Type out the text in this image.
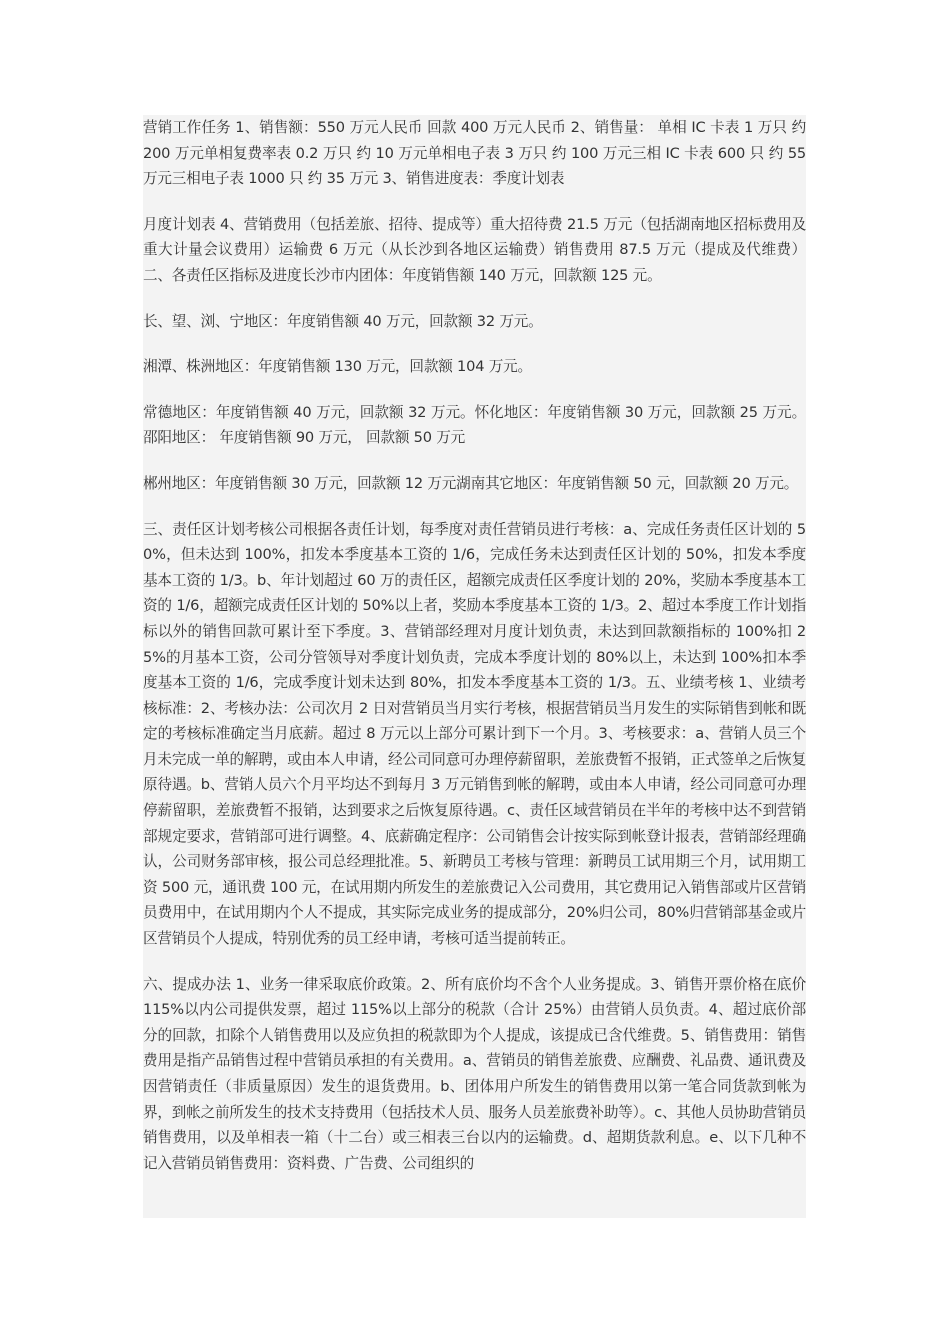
营销工作任务 1、销售额：550 万元人民币 回款 400 万元人民币 2、销售量： 单相 IC 卡表 1 万只 约 200 万元单相复费率表 0.2 万只 约 10 万元单相电子表 3 万只 约 100 万元三相 IC 卡表 600 只 约 55 万元三相电子表 1000 只 约 35 万元 3、销售进度表：季度计划表

月度计划表 4、营销费用（包括差旅、招待、提成等）重大招待费 21.5 万元（包括湖南地区招标费用及重大计量会议费用）运输费 6 万元（从长沙到各地区运输费）销售费用 87.5 万元（提成及代维费） 二、各责任区指标及进度长沙市内团体：年度销售额 140 万元，回款额 125 元。

长、望、浏、宁地区：年度销售额 40 万元，回款额 32 万元。

湘潭、株洲地区：年度销售额 130 万元，回款额 104 万元。

常德地区：年度销售额 40 万元，回款额 32 万元。怀化地区：年度销售额 30 万元，回款额 25 万元。邵阳地区： 年度销售额 90 万元， 回款额 50 万元

郴州地区：年度销售额 30 万元，回款额 12 万元湖南其它地区：年度销售额 50 元，回款额 20 万元。

三、责任区计划考核公司根据各责任计划，每季度对责任营销员进行考核：a、完成任务责任区计划的 50%，但未达到 100%，扣发本季度基本工资的 1/6，完成任务未达到责任区计划的 50%，扣发本季度基本工资的 1/3。b、年计划超过 60 万的责任区，超额完成责任区季度计划的 20%，奖励本季度基本工资的 1/6，超额完成责任区计划的 50%以上者，奖励本季度基本工资的 1/3。2、超过本季度工作计划指标以外的销售回款可累计至下季度。3、营销部经理对月度计划负责，未达到回款额指标的 100%扣 25%的月基本工资，公司分管领导对季度计划负责，完成本季度计划的 80%以上，未达到 100%扣本季度基本工资的 1/6，完成季度计划未达到 80%，扣发本季度基本工资的 1/3。五、业绩考核 1、业绩考核标准：2、考核办法：公司次月 2 日对营销员当月实行考核，根据营销员当月发生的实际销售到帐和既定的考核标准确定当月底薪。超过 8 万元以上部分可累计到下一个月。3、考核要求：a、营销人员三个月未完成一单的解聘，或由本人申请，经公司同意可办理停薪留职，差旅费暂不报销，正式签单之后恢复原待遇。b、营销人员六个月平均达不到每月 3 万元销售到帐的解聘，或由本人申请，经公司同意可办理停薪留职，差旅费暂不报销，达到要求之后恢复原待遇。c、责任区域营销员在半年的考核中达不到营销部规定要求，营销部可进行调整。4、底薪确定程序：公司销售会计按实际到帐登计报表，营销部经理确认，公司财务部审核，报公司总经理批准。5、新聘员工考核与管理：新聘员工试用期三个月，试用期工资 500 元，通讯费 100 元，在试用期内所发生的差旅费记入公司费用，其它费用记入销售部或片区营销员费用中，在试用期内个人不提成，其实际完成业务的提成部分，20%归公司，80%归营销部基金或片区营销员个人提成，特别优秀的员工经申请，考核可适当提前转正。

六、提成办法 1、业务一律采取底价政策。2、所有底价均不含个人业务提成。3、销售开票价格在底价 115%以内公司提供发票，超过 115%以上部分的税款（合计 25%）由营销人员负责。4、超过底价部分的回款，扣除个人销售费用以及应负担的税款即为个人提成，该提成已含代维费。5、销售费用：销售费用是指产品销售过程中营销员承担的有关费用。a、营销员的销售差旅费、应酬费、礼品费、通讯费及因营销责任（非质量原因）发生的退货费用。b、团体用户所发生的销售费用以第一笔合同货款到帐为界，到帐之前所发生的技术支持费用（包括技术人员、服务人员差旅费补助等）。c、其他人员协助营销员销售费用，以及单相表一箱（十二台）或三相表三台以内的运输费。d、超期货款利息。e、以下几种不记入营销员销售费用：资料费、广告费、公司组织的
